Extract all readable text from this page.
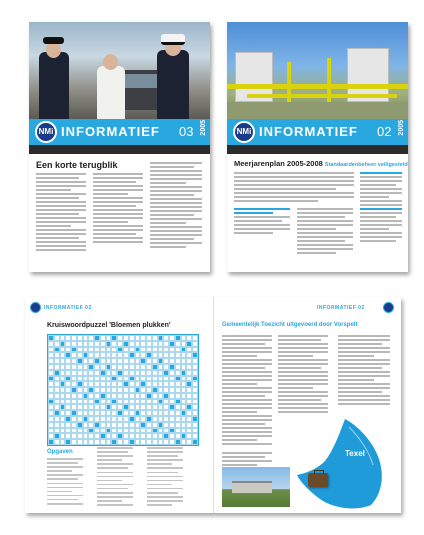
NMi INFORMATIEF 03 2005
Een korte terugblik
NMi INFORMATIEF 02 2005
Meerjarenplan 2005-2008 Standaardenbeheer veiligesteld
INFORMATIEF 02	INFORMATIEF 02
Kruiswoordpuzzel 'Bloemen plukken'
Opgaven
Gemeentelijk Toezicht uitgevoerd door Vorspelt
Texel
